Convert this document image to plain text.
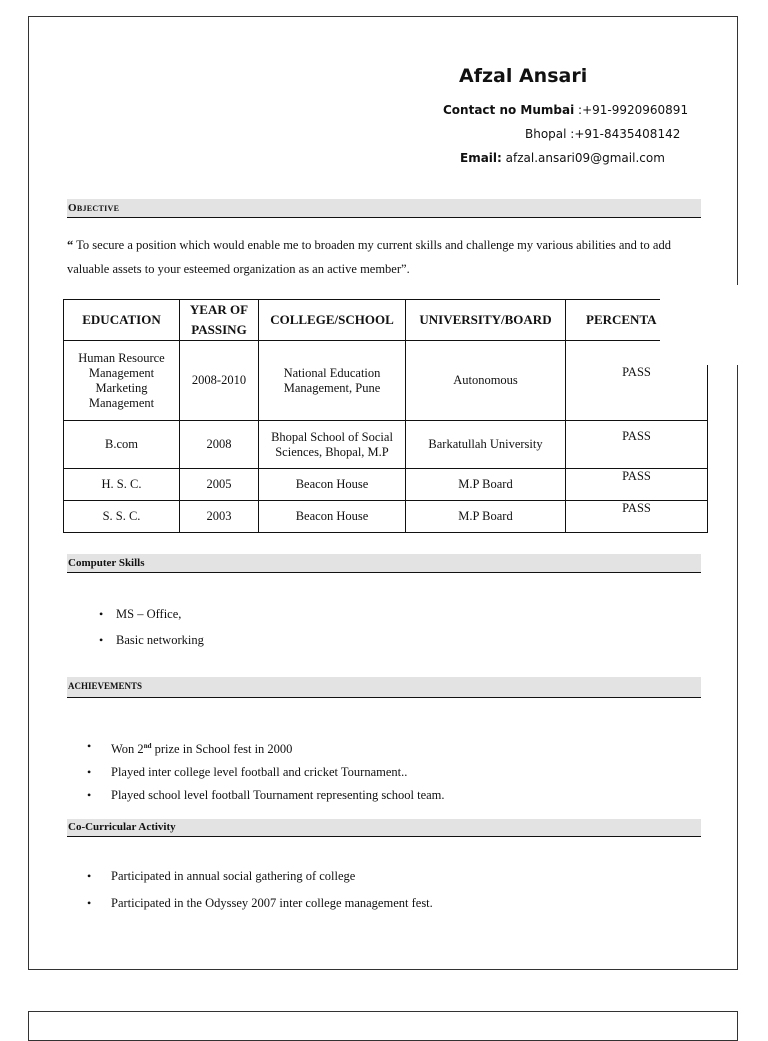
Afzal Ansari
Contact no Mumbai :+91-9920960891
Bhopal :+91-8435408142
Email: afzal.ansari09@gmail.com
Objective
“ To secure a position which would enable me to broaden my current skills and challenge my various abilities and to add valuable assets to your esteemed organization as an active member”.
EDUCATION	YEAR OF PASSING	COLLEGE/SCHOOL	UNIVERSITY/BOARD	PERCENTA
Human Resource Management Marketing Management	2008-2010	National Education Management, Pune	Autonomous	PASS
B.com	2008	Bhopal School of Social Sciences, Bhopal, M.P	Barkatullah University	PASS
H. S. C.	2005	Beacon House	M.P Board	PASS
S. S. C.	2003	Beacon House	M.P Board	PASS
Computer Skills
• MS – Office,
• Basic networking
ACHIEVEMENTS
• Won 2nd prize in School fest in 2000
• Played inter college level football and cricket Tournament..
• Played school level football Tournament representing school team.
Co-Curricular Activity
• Participated in annual social gathering of college
• Participated in the Odyssey 2007 inter college management fest.
